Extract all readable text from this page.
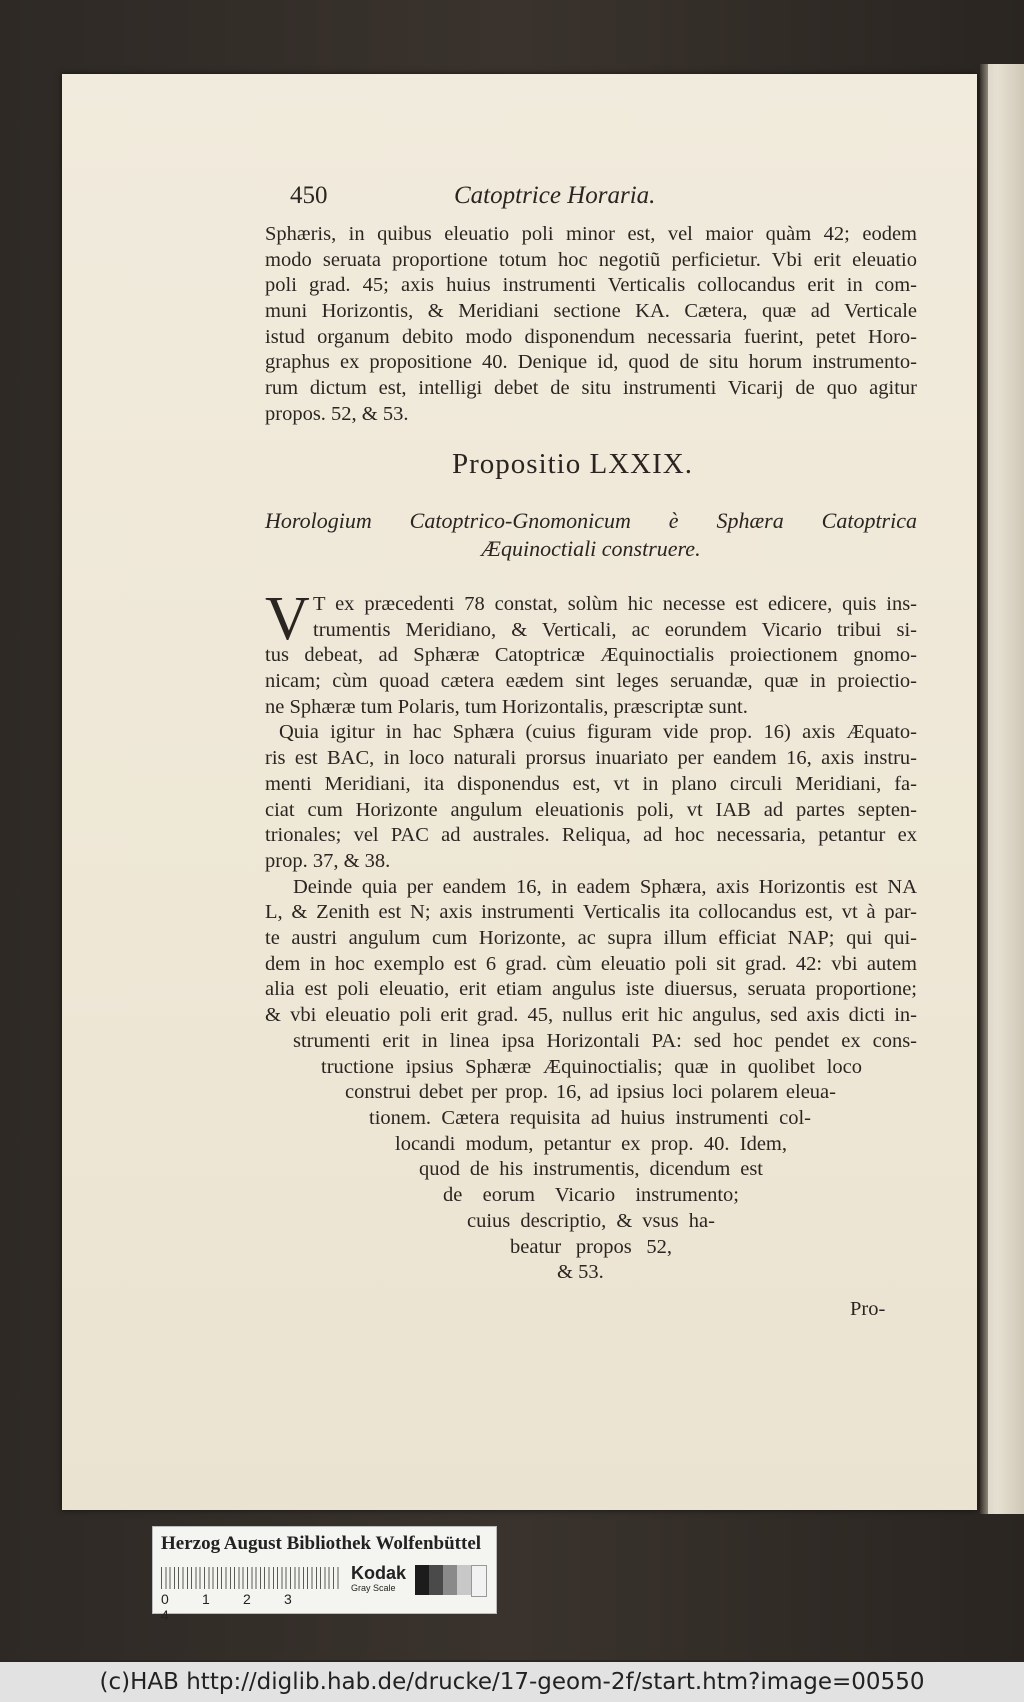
450	Catoptrice Horaria.
Sphæris, in quibus eleuatio poli minor est, vel maior quàm 42; eodem
modo seruata proportione totum hoc negotiũ perficietur. Vbi erit eleuatio
poli grad. 45; axis huius instrumenti Verticalis collocandus erit in com-
muni Horizontis, & Meridiani sectione KA. Cætera, quæ ad Verticale
istud organum debito modo disponendum necessaria fuerint, petet Horo-
graphus ex propositione 40. Denique id, quod de situ horum instrumento-
rum dictum est, intelligi debet de situ instrumenti Vicarij de quo agitur
propos. 52, & 53.
Propositio LXXIX.
Horologium Catoptrico-Gnomonicum è Sphæra Catoptrica
Æquinoctiali construere.
V T ex præcedenti 78 constat, solùm hic necesse est edicere, quis ins-
trumentis Meridiano, & Verticali, ac eorundem Vicario tribui si-
tus debeat, ad Sphæræ Catoptricæ Æquinoctialis proiectionem gnomo-
nicam; cùm quoad cætera eædem sint leges seruandæ, quæ in proiectio-
ne Sphæræ tum Polaris, tum Horizontalis, præscriptæ sunt.
Quia igitur in hac Sphæra (cuius figuram vide prop. 16) axis Æquato-
ris est BAC, in loco naturali prorsus inuariato per eandem 16, axis instru-
menti Meridiani, ita disponendus est, vt in plano circuli Meridiani, fa-
ciat cum Horizonte angulum eleuationis poli, vt IAB ad partes septen-
trionales; vel PAC ad australes. Reliqua, ad hoc necessaria, petantur ex
prop. 37, & 38.
Deinde quia per eandem 16, in eadem Sphæra, axis Horizontis est NA
L, & Zenith est N; axis instrumenti Verticalis ita collocandus est, vt à par-
te austri angulum cum Horizonte, ac supra illum efficiat NAP; qui qui-
dem in hoc exemplo est 6 grad. cùm eleuatio poli sit grad. 42: vbi autem
alia est poli eleuatio, erit etiam angulus iste diuersus, seruata proportione;
& vbi eleuatio poli erit grad. 45, nullus erit hic angulus, sed axis dicti in-
strumenti erit in linea ipsa Horizontali PA: sed hoc pendet ex cons-
tructione ipsius Sphæræ Æquinoctialis; quæ in quolibet loco
construi debet per prop. 16, ad ipsius loci polarem eleua-
tionem. Cætera requisita ad huius instrumenti col-
locandi modum, petantur ex prop. 40. Idem,
quod de his instrumentis, dicendum est
de eorum Vicario instrumento;
cuius descriptio, & vsus ha-
beatur propos 52,
& 53.
Pro-
Herzog August Bibliothek Wolfenbüttel
0 1 2 34
Kodak
Gray Scale
(c)HAB http://diglib.hab.de/drucke/17-geom-2f/start.htm?image=00550
